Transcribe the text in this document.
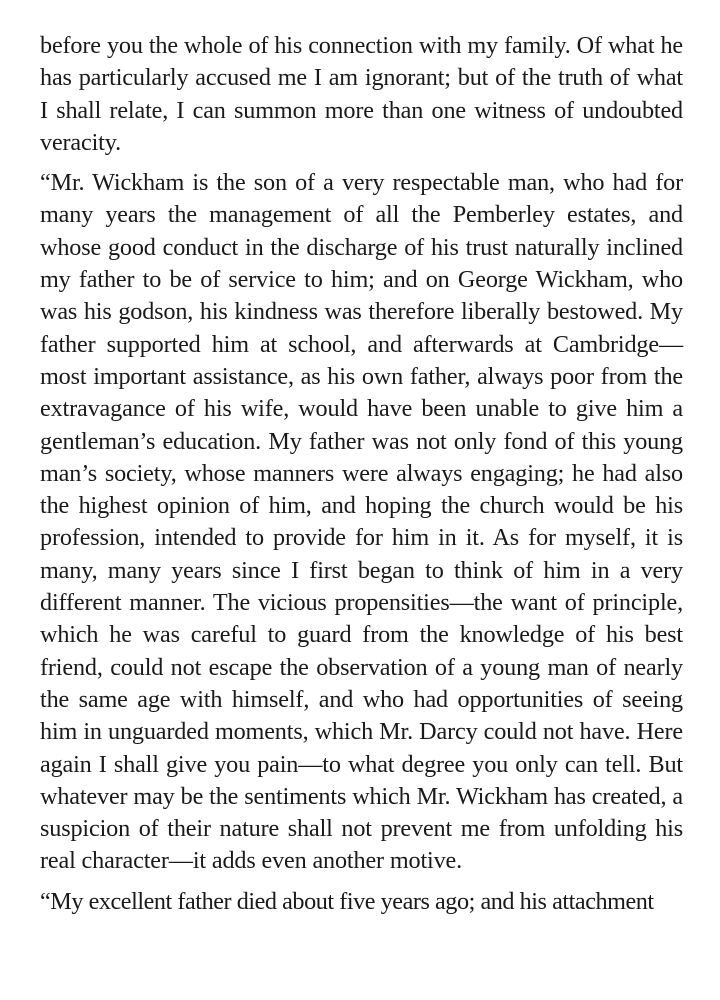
before you the whole of his connection with my family. Of what he has particularly accused me I am ignorant; but of the truth of what I shall relate, I can summon more than one witness of undoubted veracity.

“Mr. Wickham is the son of a very respectable man, who had for many years the management of all the Pemberley estates, and whose good conduct in the discharge of his trust naturally inclined my father to be of service to him; and on George Wickham, who was his godson, his kindness was therefore liberally bestowed. My father supported him at school, and afterwards at Cambridge—most important assistance, as his own father, always poor from the extravagance of his wife, would have been unable to give him a gentleman’s education. My father was not only fond of this young man’s society, whose manners were always engaging; he had also the highest opinion of him, and hoping the church would be his profession, intended to provide for him in it. As for myself, it is many, many years since I first began to think of him in a very different manner. The vicious propensities—the want of principle, which he was careful to guard from the knowledge of his best friend, could not escape the observation of a young man of nearly the same age with himself, and who had opportunities of seeing him in unguarded moments, which Mr. Darcy could not have. Here again I shall give you pain—to what degree you only can tell. But whatever may be the sentiments which Mr. Wickham has created, a suspicion of their nature shall not prevent me from unfolding his real character—it adds even another motive.

“My excellent father died about five years ago; and his attachment
